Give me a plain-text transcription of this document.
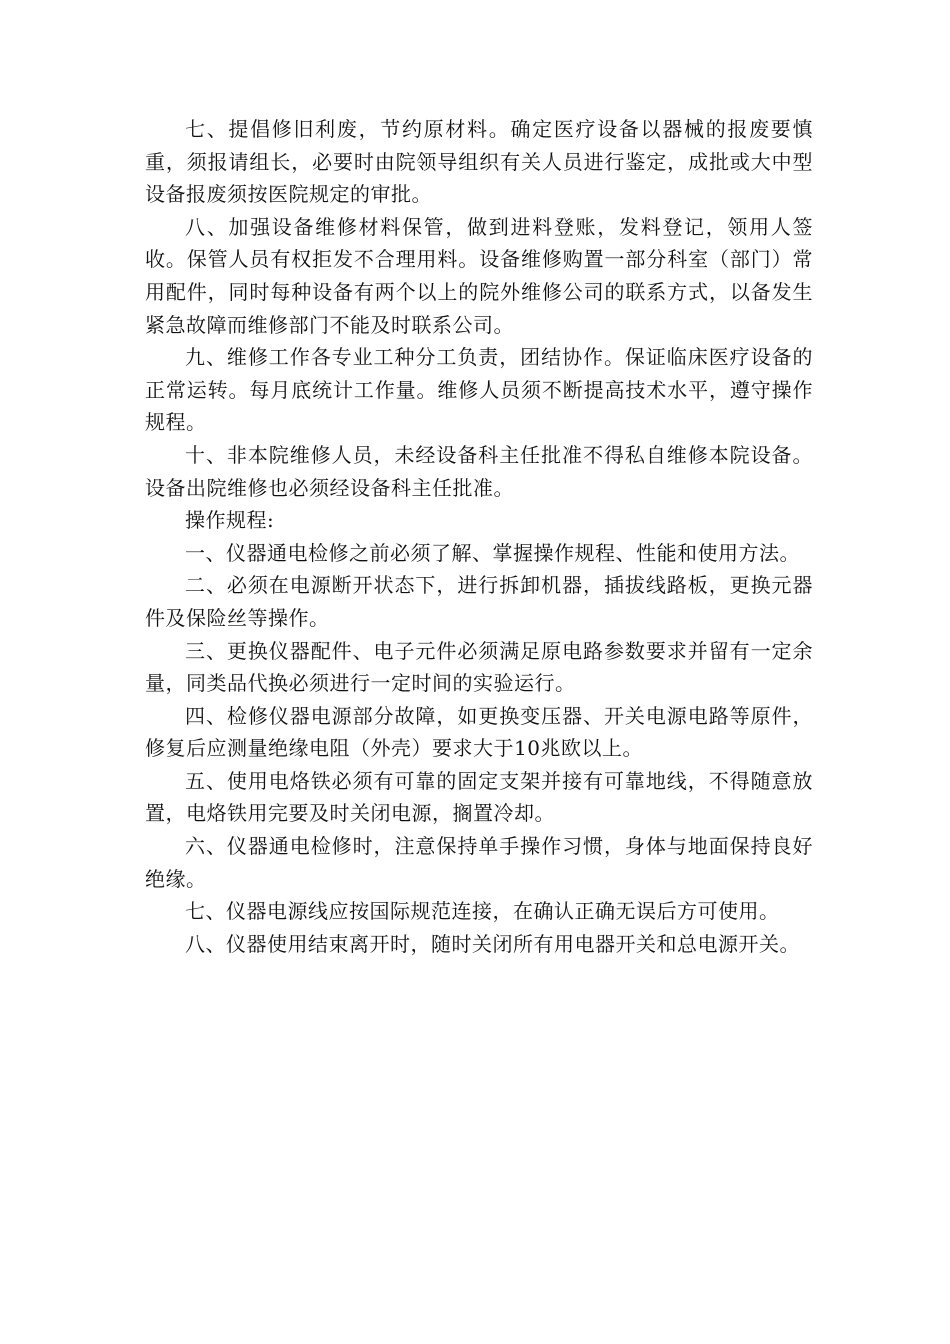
七、提倡修旧利废，节约原材料。确定医疗设备以器械的报废要慎重，须报请组长，必要时由院领导组织有关人员进行鉴定，成批或大中型设备报废须按医院规定的审批。

八、加强设备维修材料保管，做到进料登账，发料登记，领用人签收。保管人员有权拒发不合理用料。设备维修购置一部分科室（部门）常用配件，同时每种设备有两个以上的院外维修公司的联系方式，以备发生紧急故障而维修部门不能及时联系公司。

九、维修工作各专业工种分工负责，团结协作。保证临床医疗设备的正常运转。每月底统计工作量。维修人员须不断提高技术水平，遵守操作规程。

十、非本院维修人员，未经设备科主任批准不得私自维修本院设备。设备出院维修也必须经设备科主任批准。

操作规程:

一、仪器通电检修之前必须了解、掌握操作规程、性能和使用方法。

二、必须在电源断开状态下，进行拆卸机器，插拔线路板，更换元器件及保险丝等操作。

三、更换仪器配件、电子元件必须满足原电路参数要求并留有一定余量，同类品代换必须进行一定时间的实验运行。

四、检修仪器电源部分故障，如更换变压器、开关电源电路等原件，修复后应测量绝缘电阻（外壳）要求大于10兆欧以上。

五、使用电烙铁必须有可靠的固定支架并接有可靠地线，不得随意放置，电烙铁用完要及时关闭电源，搁置冷却。

六、仪器通电检修时，注意保持单手操作习惯，身体与地面保持良好绝缘。

七、仪器电源线应按国际规范连接，在确认正确无误后方可使用。

八、仪器使用结束离开时，随时关闭所有用电器开关和总电源开关。
